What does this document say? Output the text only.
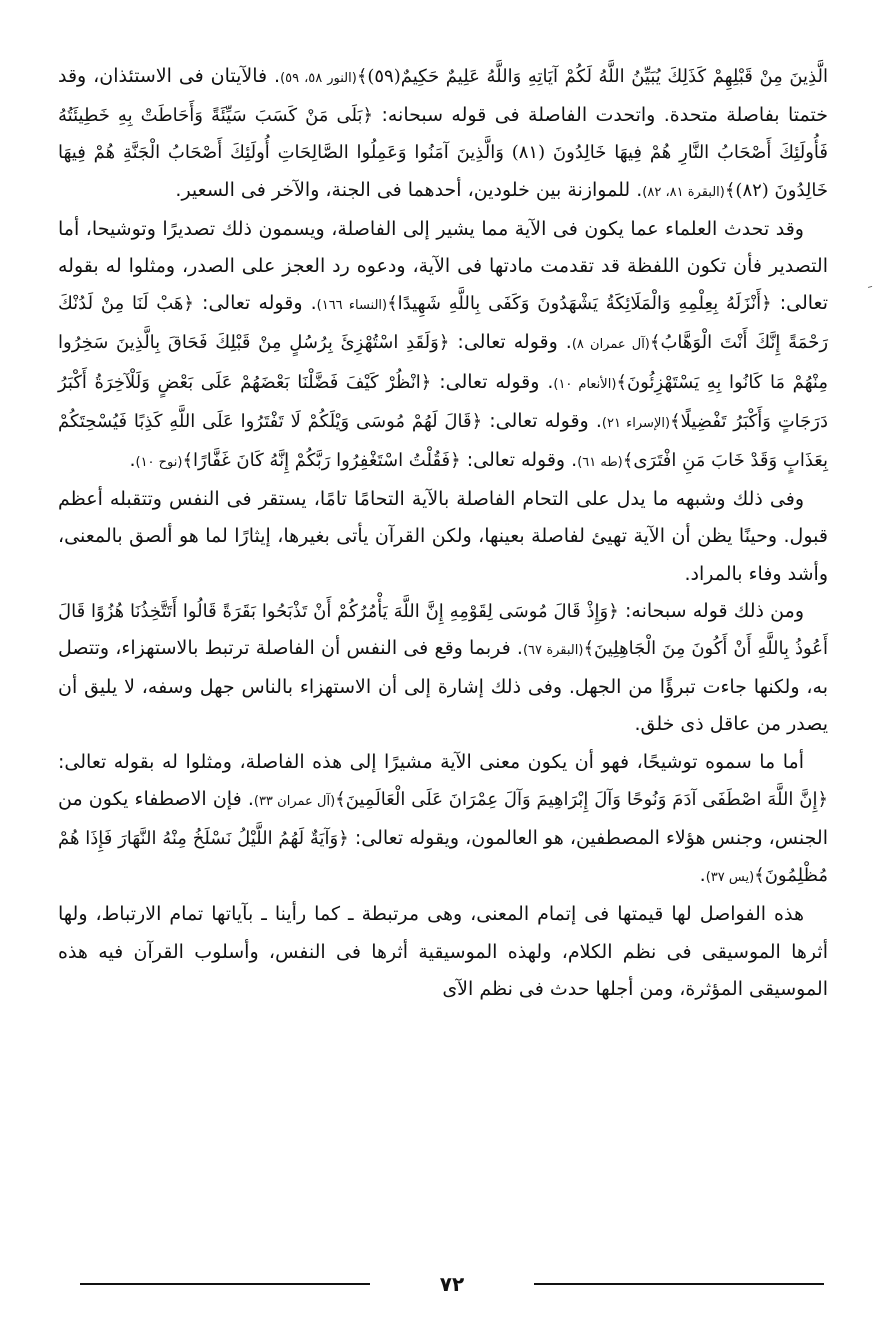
ﹶ

الَّذِينَ مِنْ قَبْلِهِمْ كَذَلِكَ يُبَيِّنُ اللَّهُ لَكُمْ آيَاتِهِ وَاللَّهُ عَلِيمٌ حَكِيمٌ(٥٩)﴾(النور ٥٨، ٥٩). فالآيتان فى الاستئذان، وقد ختمتا بفاصلة متحدة. واتحدت الفاصلة فى قوله سبحانه: ﴿بَلَى مَنْ كَسَبَ سَيِّئَةً وَأَحَاطَتْ بِهِ خَطِيئَتُهُ فَأُولَئِكَ أَصْحَابُ النَّارِ هُمْ فِيهَا خَالِدُونَ (٨١) وَالَّذِينَ آمَنُوا وَعَمِلُوا الصَّالِحَاتِ أُولَئِكَ أَصْحَابُ الْجَنَّةِ هُمْ فِيهَا خَالِدُونَ (٨٢)﴾(البقرة ٨١، ٨٢). للموازنة بين خلودين، أحدهما فى الجنة، والآخر فى السعير.

وقد تحدث العلماء عما يكون فى الآية مما يشير إلى الفاصلة، ويسمون ذلك تصديرًا وتوشيحا، أما التصدير فأن تكون اللفظة قد تقدمت مادتها فى الآية، ودعوه رد العجز على الصدر، ومثلوا له بقوله تعالى: ﴿أَنْزَلَهُ بِعِلْمِهِ وَالْمَلَائِكَةُ يَشْهَدُونَ وَكَفَى بِاللَّهِ شَهِيدًا﴾(النساء ١٦٦). وقوله تعالى: ﴿هَبْ لَنَا مِنْ لَدُنْكَ رَحْمَةً إِنَّكَ أَنْتَ الْوَهَّابُ﴾(آل عمران ٨). وقوله تعالى: ﴿وَلَقَدِ اسْتُهْزِئَ بِرُسُلٍ مِنْ قَبْلِكَ فَحَاقَ بِالَّذِينَ سَخِرُوا مِنْهُمْ مَا كَانُوا بِهِ يَسْتَهْزِئُونَ﴾(الأنعام ١٠). وقوله تعالى: ﴿انْظُرْ كَيْفَ فَضَّلْنَا بَعْضَهُمْ عَلَى بَعْضٍ وَلَلْآخِرَةُ أَكْبَرُ دَرَجَاتٍ وَأَكْبَرُ تَفْضِيلًا﴾(الإسراء ٢١). وقوله تعالى: ﴿قَالَ لَهُمْ مُوسَى وَيْلَكُمْ لَا تَفْتَرُوا عَلَى اللَّهِ كَذِبًا فَيُسْحِتَكُمْ بِعَذَابٍ وَقَدْ خَابَ مَنِ افْتَرَى﴾(طه ٦١). وقوله تعالى: ﴿فَقُلْتُ اسْتَغْفِرُوا رَبَّكُمْ إِنَّهُ كَانَ غَفَّارًا﴾(نوح ١٠).

وفى ذلك وشبهه ما يدل على التحام الفاصلة بالآية التحامًا تامًا، يستقر فى النفس وتتقبله أعظم قبول. وحينًا يظن أن الآية تهيئ لفاصلة بعينها، ولكن القرآن يأتى بغيرها، إيثارًا لما هو ألصق بالمعنى، وأشد وفاء بالمراد.

ومن ذلك قوله سبحانه: ﴿وَإِذْ قَالَ مُوسَى لِقَوْمِهِ إِنَّ اللَّهَ يَأْمُرُكُمْ أَنْ تَذْبَحُوا بَقَرَةً قَالُوا أَتَتَّخِذُنَا هُزُوًا قَالَ أَعُوذُ بِاللَّهِ أَنْ أَكُونَ مِنَ الْجَاهِلِينَ﴾(البقرة ٦٧). فربما وقع فى النفس أن الفاصلة ترتبط بالاستهزاء، وتتصل به، ولكنها جاءت تبرؤًا من الجهل. وفى ذلك إشارة إلى أن الاستهزاء بالناس جهل وسفه، لا يليق أن يصدر من عاقل ذى خلق.

أما ما سموه توشيحًا، فهو أن يكون معنى الآية مشيرًا إلى هذه الفاصلة، ومثلوا له بقوله تعالى: ﴿إِنَّ اللَّهَ اصْطَفَى آدَمَ وَنُوحًا وَآلَ إِبْرَاهِيمَ وَآلَ عِمْرَانَ عَلَى الْعَالَمِينَ﴾(آل عمران ٣٣). فإن الاصطفاء يكون من الجنس، وجنس هؤلاء المصطفين، هو العالمون، ويقوله تعالى: ﴿وَآيَةٌ لَهُمُ اللَّيْلُ نَسْلَخُ مِنْهُ النَّهَارَ فَإِذَا هُمْ مُظْلِمُونَ﴾(يس ٣٧).

هذه الفواصل لها قيمتها فى إتمام المعنى، وهى مرتبطة ـ كما رأينا ـ بآياتها تمام الارتباط، ولها أثرها الموسيقى فى نظم الكلام، ولهذه الموسيقية أثرها فى النفس، وأسلوب القرآن فيه هذه الموسيقى المؤثرة، ومن أجلها حدث فى نظم الآى

٧٢
